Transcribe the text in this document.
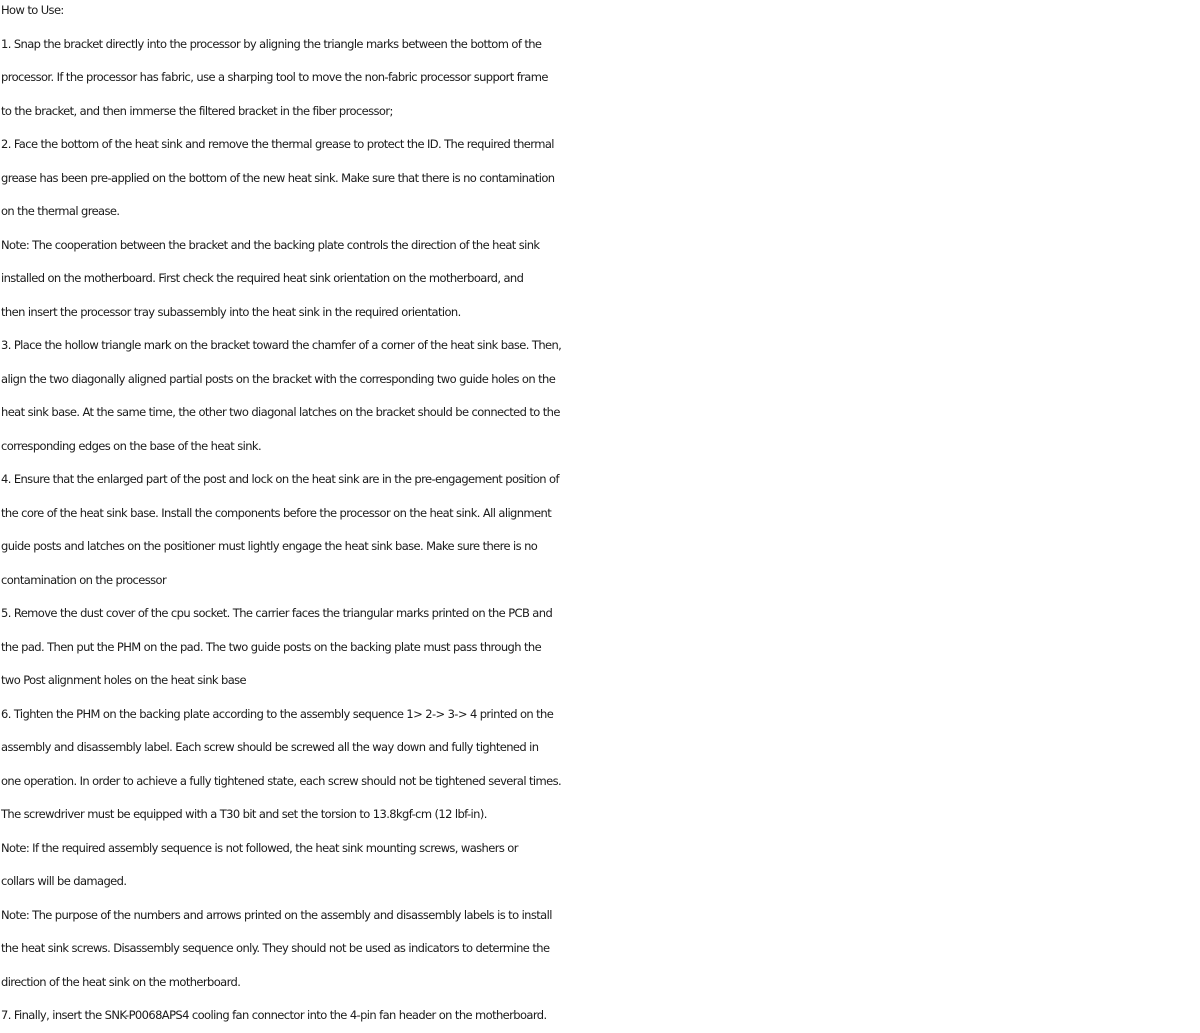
How to Use:
1. Snap the bracket directly into the processor by aligning the triangle marks between the bottom of the
processor. If the processor has fabric, use a sharping tool to move the non-fabric processor support frame
to the bracket, and then immerse the filtered bracket in the fiber processor;
2. Face the bottom of the heat sink and remove the thermal grease to protect the ID. The required thermal
grease has been pre-applied on the bottom of the new heat sink. Make sure that there is no contamination
on the thermal grease.
Note: The cooperation between the bracket and the backing plate controls the direction of the heat sink
installed on the motherboard. First check the required heat sink orientation on the motherboard, and
then insert the processor tray subassembly into the heat sink in the required orientation.
3. Place the hollow triangle mark on the bracket toward the chamfer of a corner of the heat sink base. Then,
align the two diagonally aligned partial posts on the bracket with the corresponding two guide holes on the
heat sink base. At the same time, the other two diagonal latches on the bracket should be connected to the
corresponding edges on the base of the heat sink.
4. Ensure that the enlarged part of the post and lock on the heat sink are in the pre-engagement position of
the core of the heat sink base. Install the components before the processor on the heat sink. All alignment
guide posts and latches on the positioner must lightly engage the heat sink base. Make sure there is no
contamination on the processor
5. Remove the dust cover of the cpu socket. The carrier faces the triangular marks printed on the PCB and
the pad. Then put the PHM on the pad. The two guide posts on the backing plate must pass through the
two Post alignment holes on the heat sink base
6. Tighten the PHM on the backing plate according to the assembly sequence 1> 2-> 3-> 4 printed on the
assembly and disassembly label. Each screw should be screwed all the way down and fully tightened in
one operation. In order to achieve a fully tightened state, each screw should not be tightened several times.
The screwdriver must be equipped with a T30 bit and set the torsion to 13.8kgf-cm (12 lbf-in).
Note: If the required assembly sequence is not followed, the heat sink mounting screws, washers or
collars will be damaged.
Note: The purpose of the numbers and arrows printed on the assembly and disassembly labels is to install
the heat sink screws. Disassembly sequence only. They should not be used as indicators to determine the
direction of the heat sink on the motherboard.
7. Finally, insert the SNK-P0068APS4 cooling fan connector into the 4-pin fan header on the motherboard.
